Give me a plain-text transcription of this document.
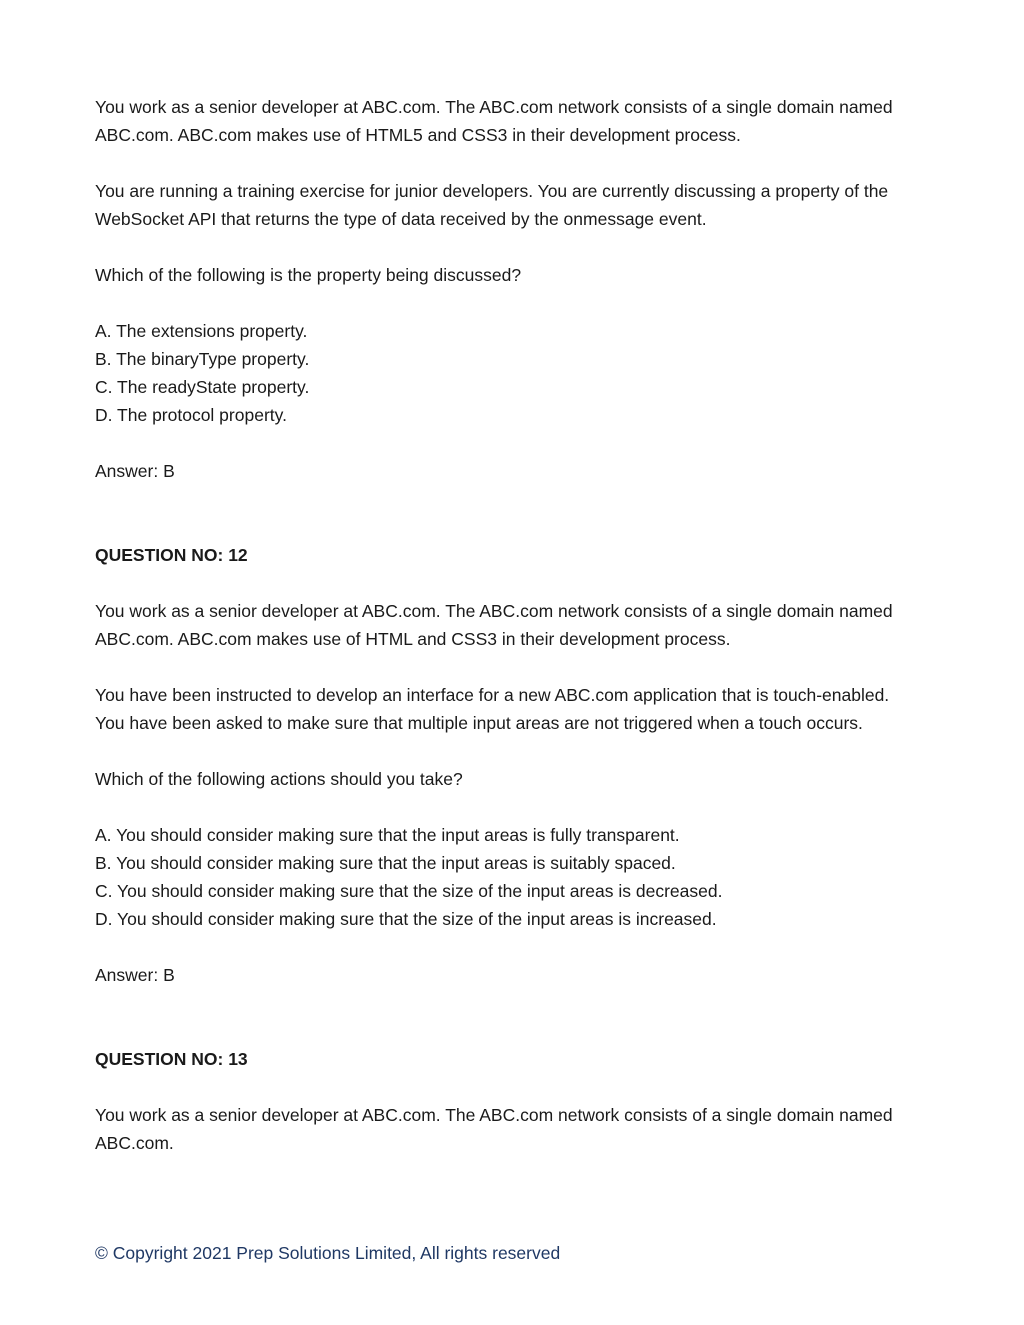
You work as a senior developer at ABC.com. The ABC.com network consists of a single domain named

ABC.com. ABC.com makes use of HTML5 and CSS3 in their development process.

You are running a training exercise for junior developers. You are currently discussing a property of the

WebSocket API that returns the type of data received by the onmessage event.

Which of the following is the property being discussed?

A. The extensions property.

B. The binaryType property.

C. The readyState property.

D. The protocol property.

Answer: B

QUESTION NO: 12

You work as a senior developer at ABC.com. The ABC.com network consists of a single domain named

ABC.com. ABC.com makes use of HTML and CSS3 in their development process.

You have been instructed to develop an interface for a new ABC.com application that is touch-enabled.

You have been asked to make sure that multiple input areas are not triggered when a touch occurs.

Which of the following actions should you take?

A. You should consider making sure that the input areas is fully transparent.

B. You should consider making sure that the input areas is suitably spaced.

C. You should consider making sure that the size of the input areas is decreased.

D. You should consider making sure that the size of the input areas is increased.

Answer: B

QUESTION NO: 13

You work as a senior developer at ABC.com. The ABC.com network consists of a single domain named

ABC.com.

© Copyright 2021 Prep Solutions Limited, All rights reserved
